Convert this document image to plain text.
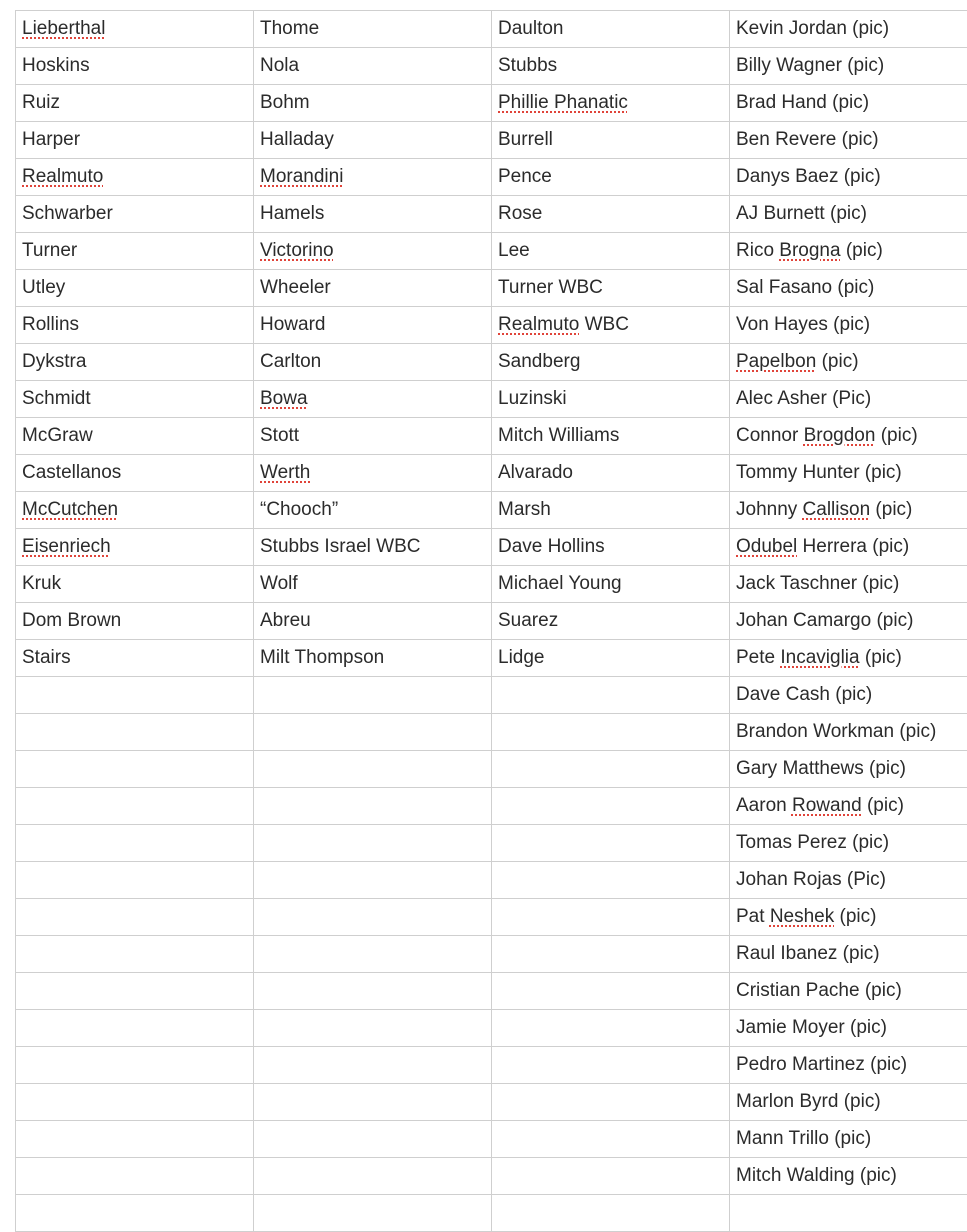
Lieberthal	Thome	Daulton	Kevin Jordan (pic)
Hoskins	Nola	Stubbs	Billy Wagner (pic)
Ruiz	Bohm	Phillie Phanatic	Brad Hand (pic)
Harper	Halladay	Burrell	Ben Revere (pic)
Realmuto	Morandini	Pence	Danys Baez (pic)
Schwarber	Hamels	Rose	AJ Burnett (pic)
Turner	Victorino	Lee	Rico Brogna (pic)
Utley	Wheeler	Turner WBC	Sal Fasano (pic)
Rollins	Howard	Realmuto WBC	Von Hayes (pic)
Dykstra	Carlton	Sandberg	Papelbon (pic)
Schmidt	Bowa	Luzinski	Alec Asher (Pic)
McGraw	Stott	Mitch Williams	Connor Brogdon (pic)
Castellanos	Werth	Alvarado	Tommy Hunter (pic)
McCutchen	“Chooch”	Marsh	Johnny Callison (pic)
Eisenriech	Stubbs Israel WBC	Dave Hollins	Odubel Herrera (pic)
Kruk	Wolf	Michael Young	Jack Taschner (pic)
Dom Brown	Abreu	Suarez	Johan Camargo (pic)
Stairs	Milt Thompson	Lidge	Pete Incaviglia (pic)
			Dave Cash (pic)
			Brandon Workman (pic)
			Gary Matthews (pic)
			Aaron Rowand (pic)
			Tomas Perez (pic)
			Johan Rojas (Pic)
			Pat Neshek (pic)
			Raul Ibanez (pic)
			Cristian Pache (pic)
			Jamie Moyer (pic)
			Pedro Martinez (pic)
			Marlon Byrd (pic)
			Mann Trillo (pic)
			Mitch Walding (pic)
